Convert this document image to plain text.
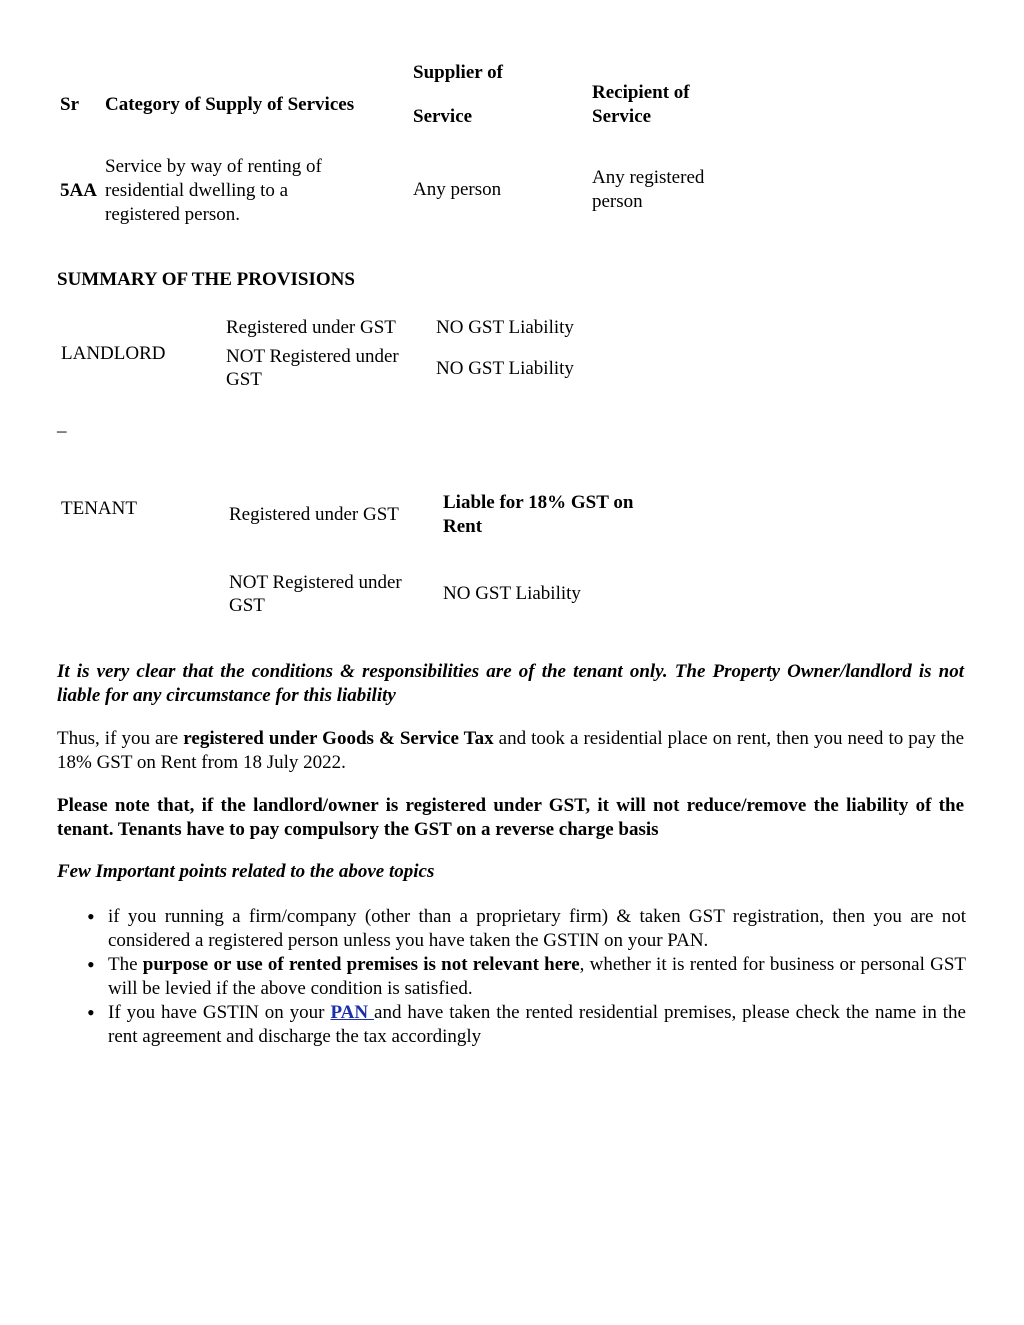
Sr Category of Supply of Services
Supplier of
Service
Recipient of
Service
5AA
Service by way of renting of
residential dwelling to a
registered person.
Any person
Any registered
person
SUMMARY OF THE PROVISIONS
LANDLORD
Registered under GST NO GST Liability
NOT Registered under
GST
NO GST Liability
_
TENANT	Registered under GST
Liable for 18% GST on
Rent
NOT Registered under
GST
NO GST Liability
It is very clear that the conditions & responsibilities are of the tenant only. The Property Owner/landlord is not liable for any circumstance for this liability
Thus, if you are registered under Goods & Service Tax and took a residential place on rent, then you need to pay the 18% GST on Rent from 18 July 2022.
Please note that, if the landlord/owner is registered under GST, it will not reduce/remove the liability of the tenant. Tenants have to pay compulsory the GST on a reverse charge basis
Few Important points related to the above topics
• if you running a firm/company (other than a proprietary firm) & taken GST registration, then you are not considered a registered person unless you have taken the GSTIN on your PAN.
• The purpose or use of rented premises is not relevant here, whether it is rented for business or personal GST will be levied if the above condition is satisfied.
• If you have GSTIN on your PAN and have taken the rented residential premises, please check the name in the rent agreement and discharge the tax accordingly
